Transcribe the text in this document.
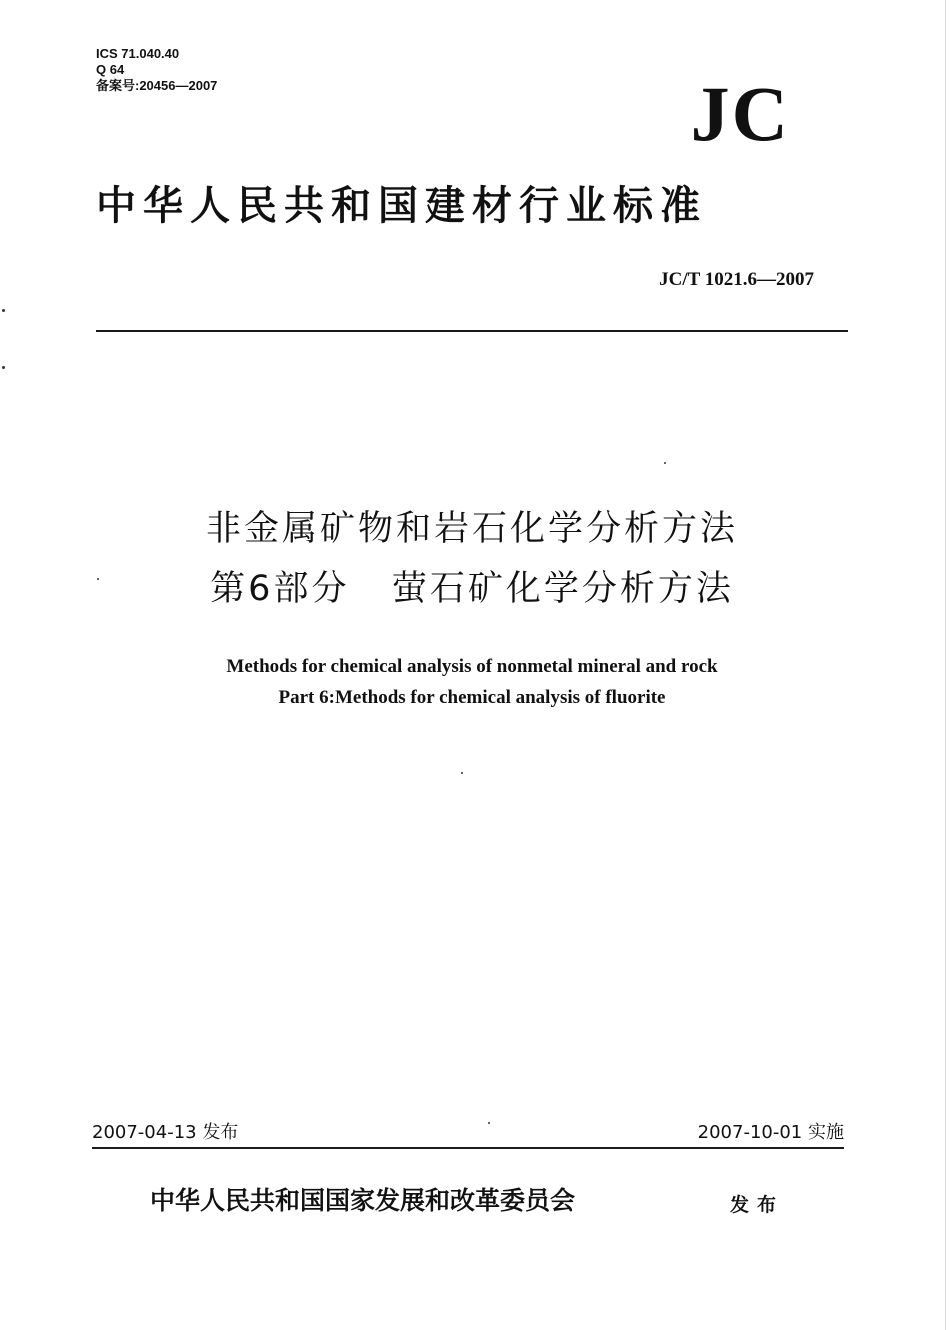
ICS 71.040.40
Q 64
备案号:20456—2007	JC
中华人民共和国建材行业标准
JC/T 1021.6—2007
非金属矿物和岩石化学分析方法
第6部分   萤石矿化学分析方法
Methods for chemical analysis of nonmetal mineral and rock
Part 6:Methods for chemical analysis of fluorite
2007-04-13 发布	2007-10-01 实施
中华人民共和国国家发展和改革委员会	发布
